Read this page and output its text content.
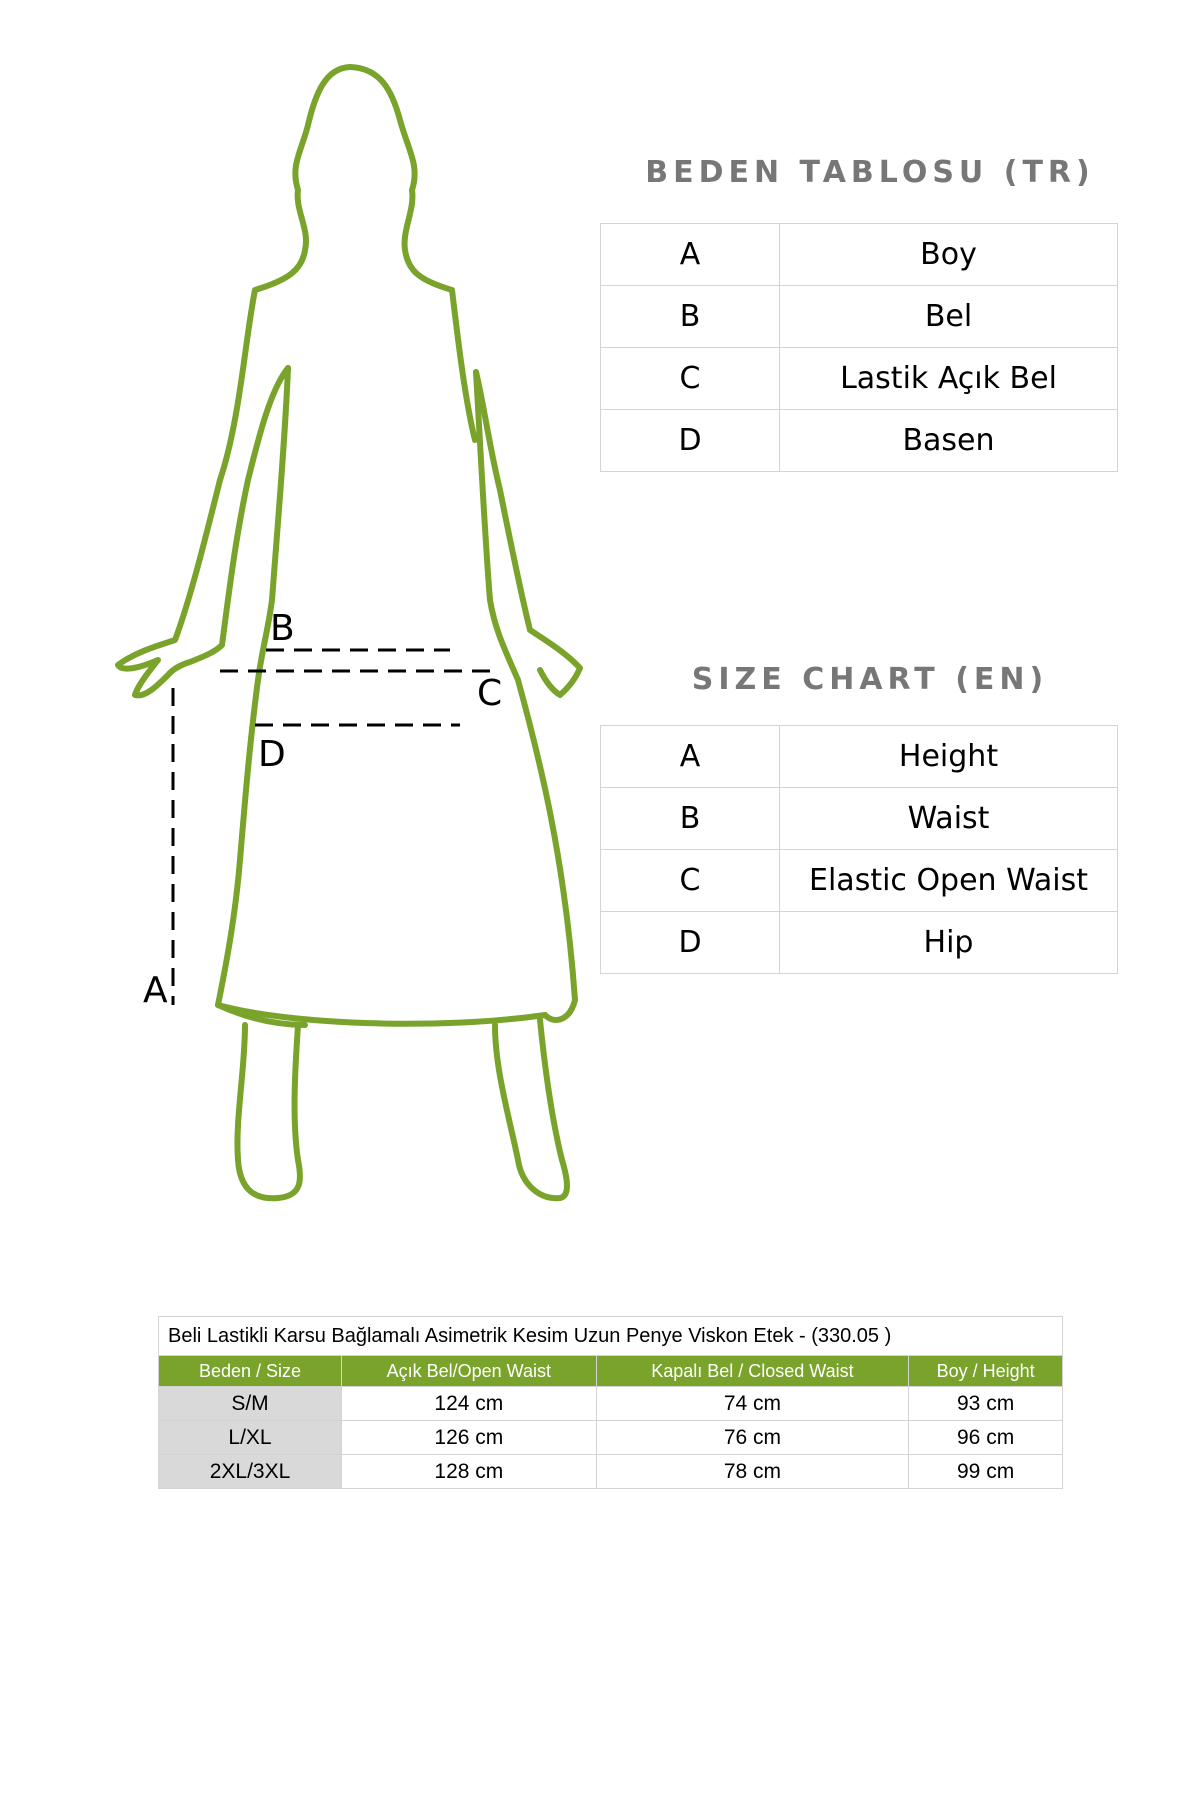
B
C
D
A
BEDEN TABLOSU (TR)
A	Boy
B	Bel
C	Lastik Açık Bel
D	Basen
SIZE CHART (EN)
A	Height
B	Waist
C	Elastic Open Waist
D	Hip
Beli Lastikli Karsu Bağlamalı Asimetrik Kesim Uzun Penye Viskon Etek - (330.05 )			
Beden / Size	Açık Bel/Open Waist	Kapalı Bel / Closed Waist	Boy / Height
S/M	124 cm	74 cm	93 cm
L/XL	126 cm	76 cm	96 cm
2XL/3XL	128 cm	78 cm	99 cm
